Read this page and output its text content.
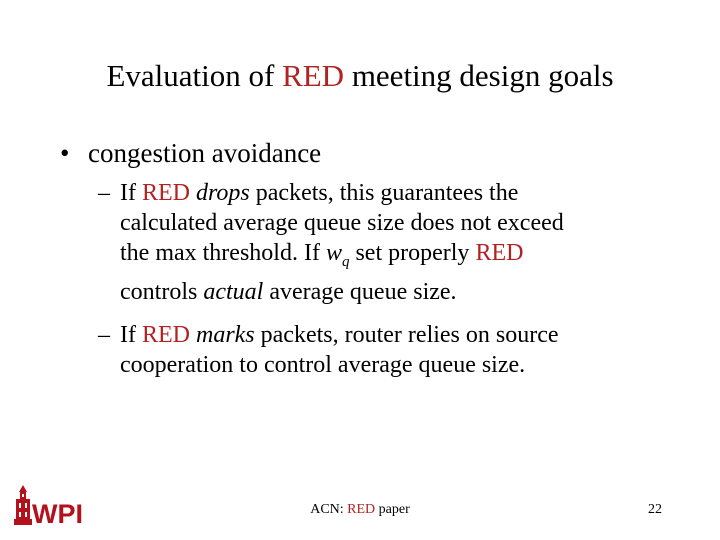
Evaluation of RED meeting design goals
• congestion avoidance
– If RED drops packets, this guarantees the
calculated average queue size does not exceed
the max threshold. If $w_q$ set properly RED
controls actual average queue size.
– If RED marks packets, router relies on source
cooperation to control average queue size.
WPI	ACN: RED paper	22
